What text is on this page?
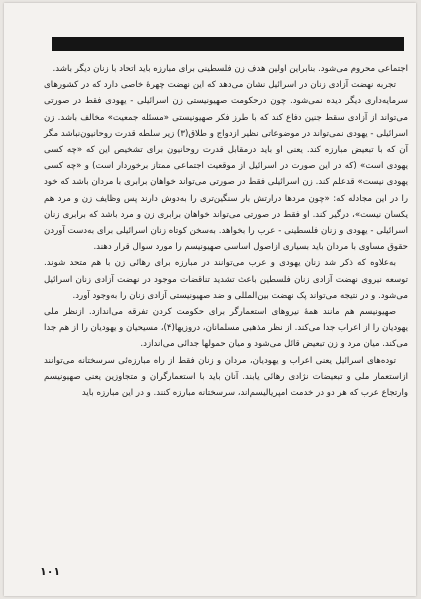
اجتماعی محروم می‌شود. بنابراین اولین هدف زن فلسطینی برای مبارزه باید اتحاد با زنان دیگر باشد.

تجربه نهضت آزادی زنان در اسرائیل نشان می‌دهد که این نهضت چهرهٔ خاصی دارد که در کشورهای سرمایه‌داری دیگر دیده نمی‌شود. چون درحکومت صهیونیستی زن اسرائیلی - یهودی فقط در صورتی می‌تواند از آزادی سقط جنین دفاع کند که با طرز فکر صهیونیستی «مسئله جمعیت» مخالف باشد. زن اسرائیلی - یهودی نمی‌تواند در موضوعاتی نظیر ازدواج و طلاق(۳) زیر سلطه قدرت روحانیون‌نباشد مگر آن که با تبعیض مبارزه کند. یعنی او باید درمقابل قدرت روحانیون برای تشخیص این که «چه کسی یهودی است» (که در این صورت در اسرائیل از موقعیت اجتماعی ممتاز برخوردار است) و «چه کسی یهودی نیست» قدعلم کند. زن اسرائیلی فقط در صورتی می‌تواند خواهان برابری با مردان باشد که خود را در این مجادله که: «چون مردها درارتش بار سنگین‌تری را به‌دوش دارند پس وظایف زن و مرد هم یکسان نیست»، درگیر کند. او فقط در صورتی می‌تواند خواهان برابری زن و مرد باشد که برابری زنان اسرائیلی - یهودی و زنان فلسطینی - عرب را بخواهد. به‌سخن کوتاه زنان اسرائیلی برای به‌دست آوردن حقوق مساوی با مردان باید بسیاری ازاصول اساسی صهیونیسم را مورد سوال قرار دهند.

به‌علاوه که ذکر شد زنان یهودی و عرب می‌توانند در مبارزه برای رهائی زن با هم متحد شوند. توسعه نیروی نهضت آزادی زنان فلسطین باعث تشدید تناقضات موجود در نهضت آزادی زنان اسرائیل می‌شود. و در نتیجه می‌تواند پک نهضت بین‌المللی و ضد صهیونیستی آزادی زنان را به‌وجود آورد.

صهیونیسم هم مانند همهٔ نیروهای استعمارگر برای حکومت کردن تفرقه می‌اندازد. ازنظر ملی یهودیان را از اعراب جدا می‌کند. از نظر مذهبی مسلمانان، دروزیها(۴)، مسیحیان و یهودیان را از هم جدا می‌کند. میان مرد و زن تبعیض قائل می‌شود و میان حمولها جدائی می‌اندازد.

توده‌های اسرائیل یعنی اعراب و یهودیان، مردان و زنان فقط از راه مبارزه‌ئی سرسختانه می‌توانند ازاستعمار ملی و تبعیضات نژادی رهائی یابند. آنان باید با استعمارگران و متجاوزین یعنی صهیونیسم وارتجاع عرب که هر دو در خدمت امپریالیسم‌اند، سرسختانه مبارزه کنند. و در این مبارزه باید

۱۰۱
